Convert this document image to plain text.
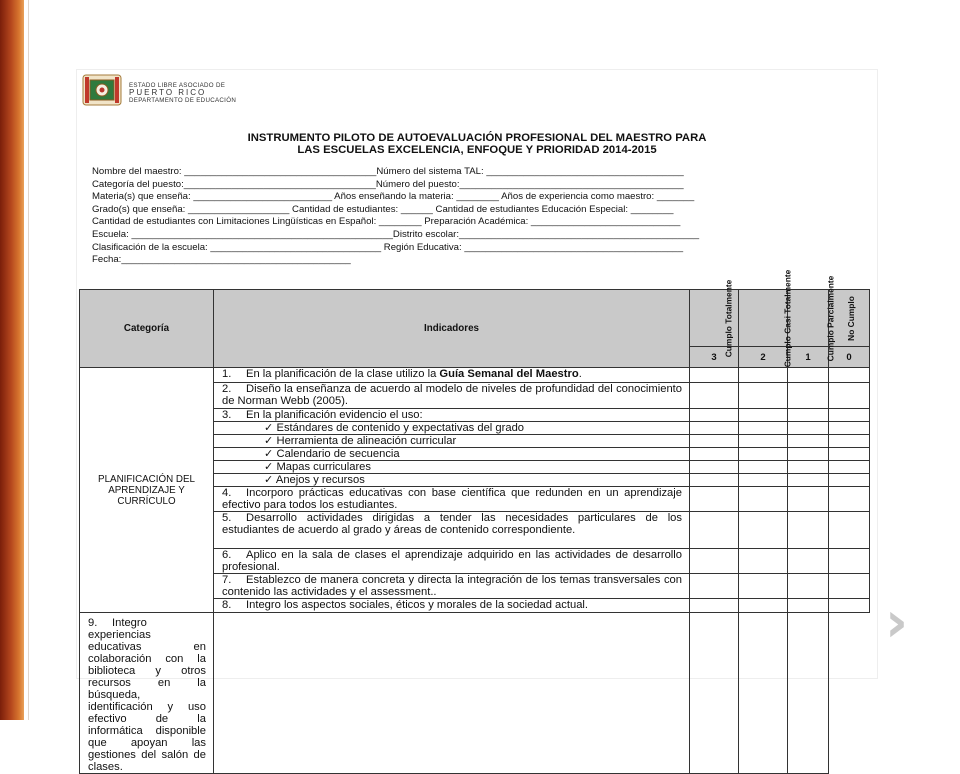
ESTADO LIBRE ASOCIADO DE
PUERTO RICO
DEPARTAMENTO DE EDUCACIÓN
INSTRUMENTO PILOTO DE AUTOEVALUACIÓN PROFESIONAL DEL MAESTRO PARA
LAS ESCUELAS EXCELENCIA, ENFOQUE Y PRIORIDAD 2014-2015
Nombre del maestro: ____________________________________Número del sistema TAL: _____________________________________
Categoría del puesto:____________________________________Número del puesto:__________________________________________
Materia(s) que enseña: __________________________ Años enseñando la materia: ________ Años de experiencia como maestro: _______
Grado(s) que enseña: ___________________ Cantidad de estudiantes: ______ Cantidad de estudiantes Educación Especial: ________
Cantidad de estudiantes con Limitaciones Lingüísticas en Español: ________ Preparación Académica: ____________________________
Escuela: _________________________________________________Distrito escolar:_____________________________________________
Clasificación de la escuela: ________________________________ Región Educativa: _________________________________________
Fecha:___________________________________________
Categoría	Indicadores	Cumplo Totalmente	Cumplo Casi Totalmente	Cumplo Parcialmente	No Cumplo
		3	2	1	0
PLANIFICACIÓN DEL APRENDIZAJE Y CURRÍCULO	1. En la planificación de la clase utilizo la Guía Semanal del Maestro.				
	2. Diseño la enseñanza de acuerdo al modelo de niveles de profundidad del conocimiento de Norman Webb (2005).				
	3. En la planificación evidencio el uso:				
	✓ Estándares de contenido y expectativas del grado				
	✓ Herramienta de alineación curricular				
	✓ Calendario de secuencia				
	✓ Mapas curriculares				
	✓ Anejos y recursos				
	4. Incorporo prácticas educativas con base científica que redunden en un aprendizaje efectivo para todos los estudiantes.				
	5. Desarrollo actividades dirigidas a tender las necesidades particulares de los estudiantes de acuerdo al grado y áreas de contenido correspondiente.				
	6. Aplico en la sala de clases el aprendizaje adquirido en las actividades de desarrollo profesional.				
	7. Establezco de manera concreta y directa la integración de los temas transversales con contenido las actividades y el assessment..				
	8. Integro los aspectos sociales, éticos y morales de la sociedad actual.				
9. Integro experiencias educativas en colaboración con la biblioteca y otros recursos en la búsqueda, identificación y uso efectivo de la informática disponible que apoyan las gestiones del salón de clases.					
›
